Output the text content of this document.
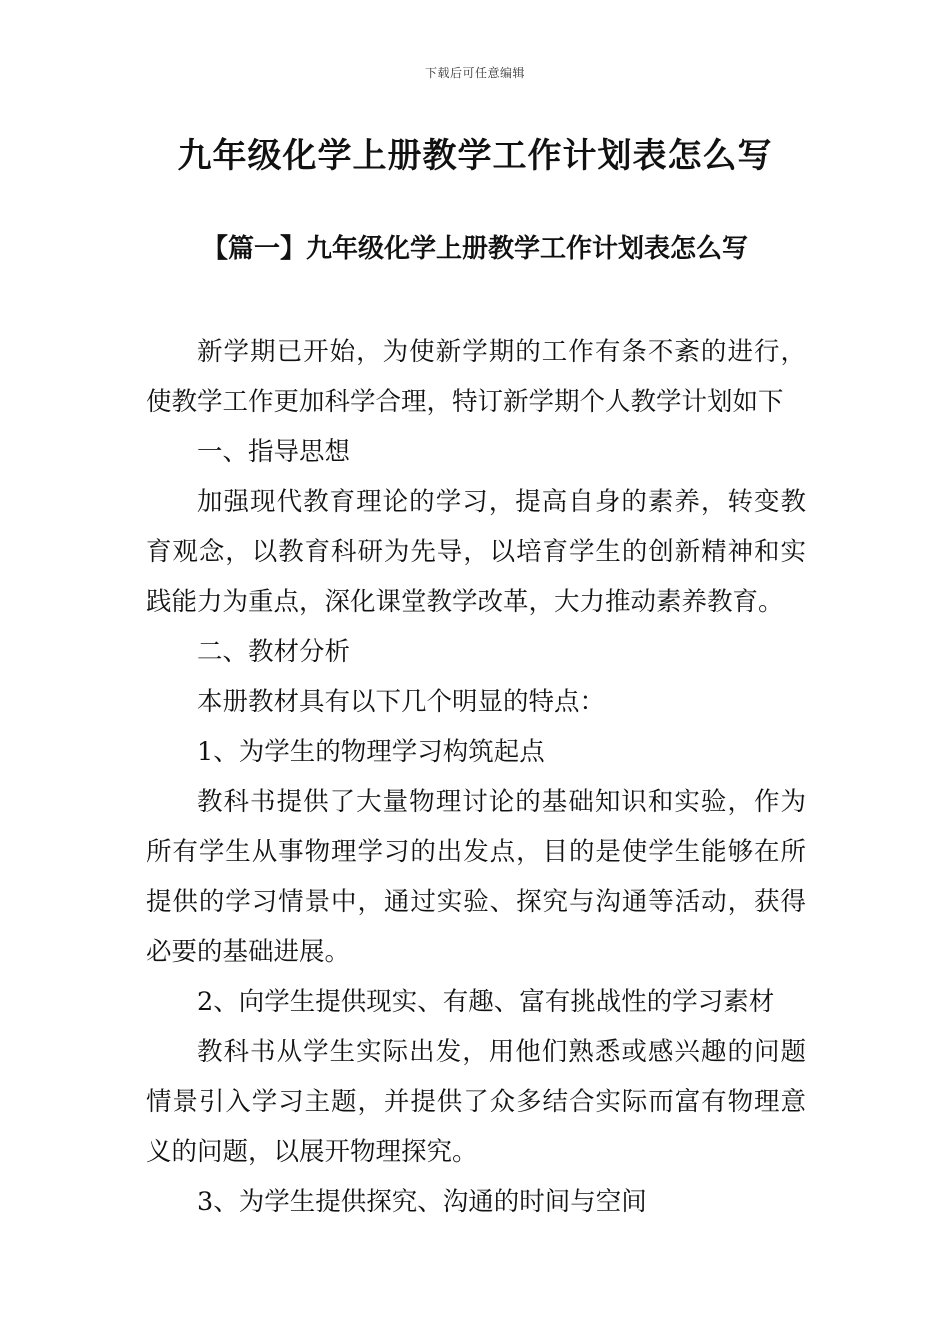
下载后可任意编辑
九年级化学上册教学工作计划表怎么写
【篇一】九年级化学上册教学工作计划表怎么写

新学期已开始，为使新学期的工作有条不紊的进行，使教学工作更加科学合理，特订新学期个人教学计划如下

一、指导思想

加强现代教育理论的学习，提高自身的素养，转变教育观念，以教育科研为先导，以培育学生的创新精神和实践能力为重点，深化课堂教学改革，大力推动素养教育。

二、教材分析

本册教材具有以下几个明显的特点：

1、为学生的物理学习构筑起点

教科书提供了大量物理讨论的基础知识和实验，作为所有学生从事物理学习的出发点，目的是使学生能够在所提供的学习情景中，通过实验、探究与沟通等活动，获得必要的基础进展。

2、向学生提供现实、有趣、富有挑战性的学习素材

教科书从学生实际出发，用他们熟悉或感兴趣的问题情景引入学习主题，并提供了众多结合实际而富有物理意义的问题，以展开物理探究。

3、为学生提供探究、沟通的时间与空间
